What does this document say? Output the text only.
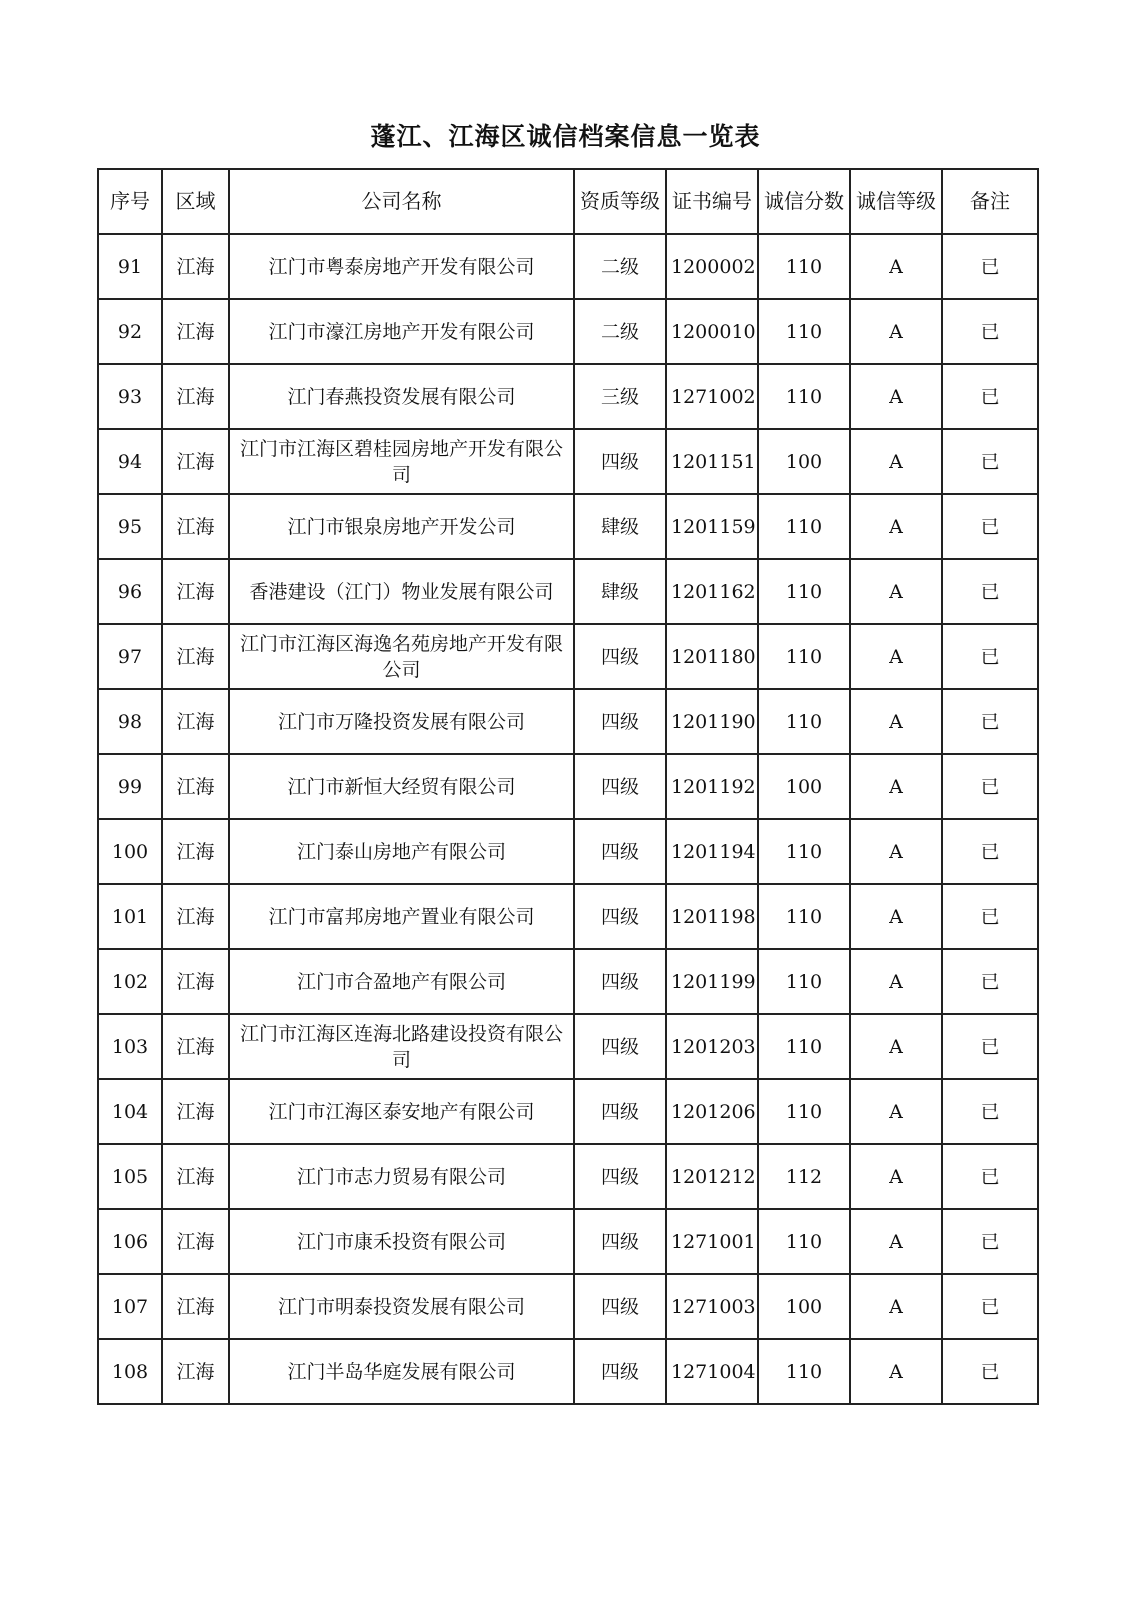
蓬江、江海区诚信档案信息一览表
序号	区域	公司名称	资质等级	证书编号	诚信分数	诚信等级	备注
91	江海	江门市粤泰房地产开发有限公司	二级	1200002	110	A	已
92	江海	江门市濠江房地产开发有限公司	二级	1200010	110	A	已
93	江海	江门春燕投资发展有限公司	三级	1271002	110	A	已
94	江海	江门市江海区碧桂园房地产开发有限公司	四级	1201151	100	A	已
95	江海	江门市银泉房地产开发公司	肆级	1201159	110	A	已
96	江海	香港建设（江门）物业发展有限公司	肆级	1201162	110	A	已
97	江海	江门市江海区海逸名苑房地产开发有限公司	四级	1201180	110	A	已
98	江海	江门市万隆投资发展有限公司	四级	1201190	110	A	已
99	江海	江门市新恒大经贸有限公司	四级	1201192	100	A	已
100	江海	江门泰山房地产有限公司	四级	1201194	110	A	已
101	江海	江门市富邦房地产置业有限公司	四级	1201198	110	A	已
102	江海	江门市合盈地产有限公司	四级	1201199	110	A	已
103	江海	江门市江海区连海北路建设投资有限公司	四级	1201203	110	A	已
104	江海	江门市江海区泰安地产有限公司	四级	1201206	110	A	已
105	江海	江门市志力贸易有限公司	四级	1201212	112	A	已
106	江海	江门市康禾投资有限公司	四级	1271001	110	A	已
107	江海	江门市明泰投资发展有限公司	四级	1271003	100	A	已
108	江海	江门半岛华庭发展有限公司	四级	1271004	110	A	已
